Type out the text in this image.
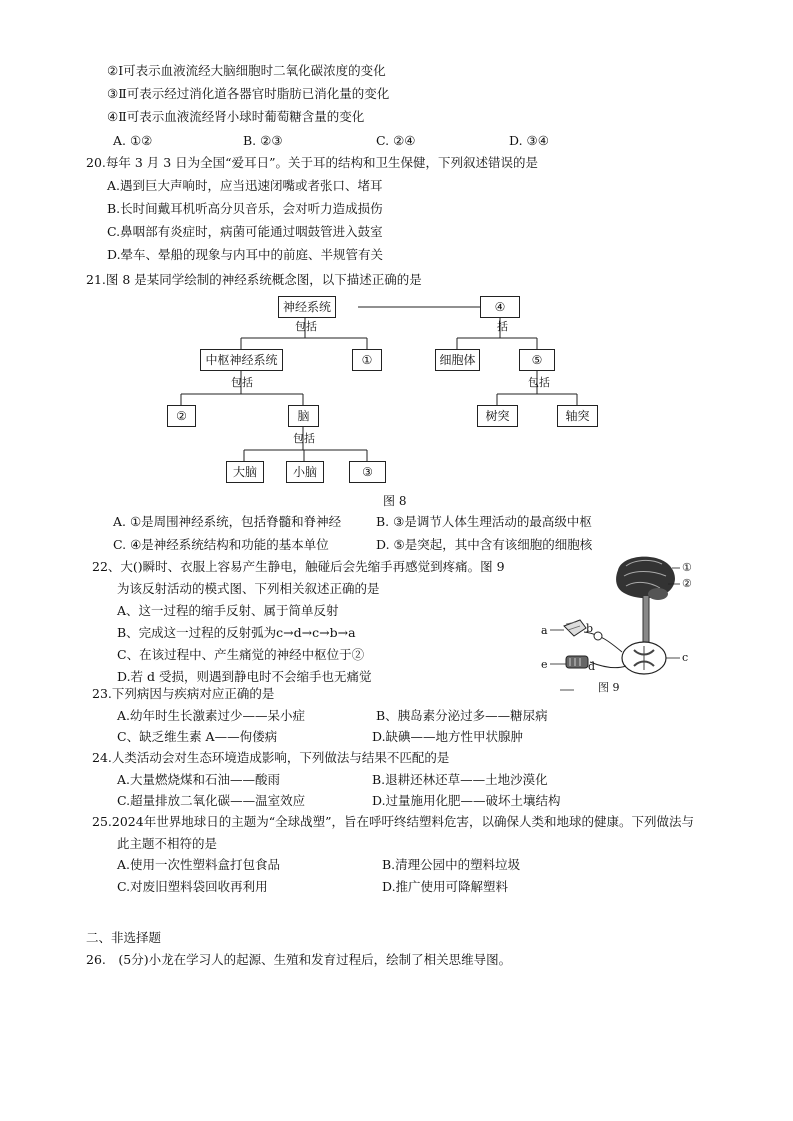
②Ⅰ可表示血液流经大脑细胞时二氧化碳浓度的变化
③Ⅱ可表示经过消化道各器官时脂肪已消化量的变化
④Ⅱ可表示血液流经肾小球时葡萄糖含量的变化
A. ①②	B. ②③	C. ②④	D. ③④
20.每年 3 月 3 日为全国“爱耳日”。关于耳的结构和卫生保健，下列叙述错误的是
A.遇到巨大声响时，应当迅速闭嘴或者张口、堵耳
B.长时间戴耳机听高分贝音乐，会对听力造成损伤
C.鼻咽部有炎症时，病菌可能通过咽鼓管进入鼓室
D.晕车、晕船的现象与内耳中的前庭、半规管有关
21.图 8 是某同学绘制的神经系统概念图，以下描述正确的是
神经系统	④
包括	括
中枢神经系统	①	细胞体	⑤
包括	包括
②	脑	树突	轴突
包括
大脑	小脑	③
图 8
A. ①是周围神经系统，包括脊髓和脊神经	B. ③是调节人体生理活动的最高级中枢
C. ④是神经系统结构和功能的基本单位	D. ⑤是突起，其中含有该细胞的细胞核
22、大()瞬时、衣服上容易产生静电，触碰后会先缩手再感觉到疼痛。图 9
为该反射活动的模式图、下列相关叙述正确的是
A、这一过程的缩手反射、属于简单反射
B、完成这一过程的反射弧为c→d→c→b→a
C、在该过程中、产生痛觉的神经中枢位于②
D.若 d 受损，则遇到静电时不会缩手也无痛觉
①
②
a	b
c
d
e
图 9
23.下列病因与疾病对应正确的是
A.幼年时生长激素过少——呆小症	B、胰岛素分泌过多——糖尿病
C、缺乏维生素 A——佝偻病	D.缺碘——地方性甲状腺肿
24.人类活动会对生态环境造成影响，下列做法与结果不匹配的是
A.大量燃烧煤和石油——酸雨	B.退耕还林还草——土地沙漠化
C.超量排放二氧化碳——温室效应	D.过量施用化肥——破坏土壤结构
25.2024年世界地球日的主题为“全球战塑”，旨在呼吁终结塑料危害，以确保人类和地球的健康。下列做法与
此主题不相符的是
A.使用一次性塑料盒打包食品	B.清理公园中的塑料垃圾
C.对废旧塑料袋回收再利用	D.推广使用可降解塑料
二、非选择题
26.　(5分)小龙在学习人的起源、生殖和发育过程后，绘制了相关思维导图。
